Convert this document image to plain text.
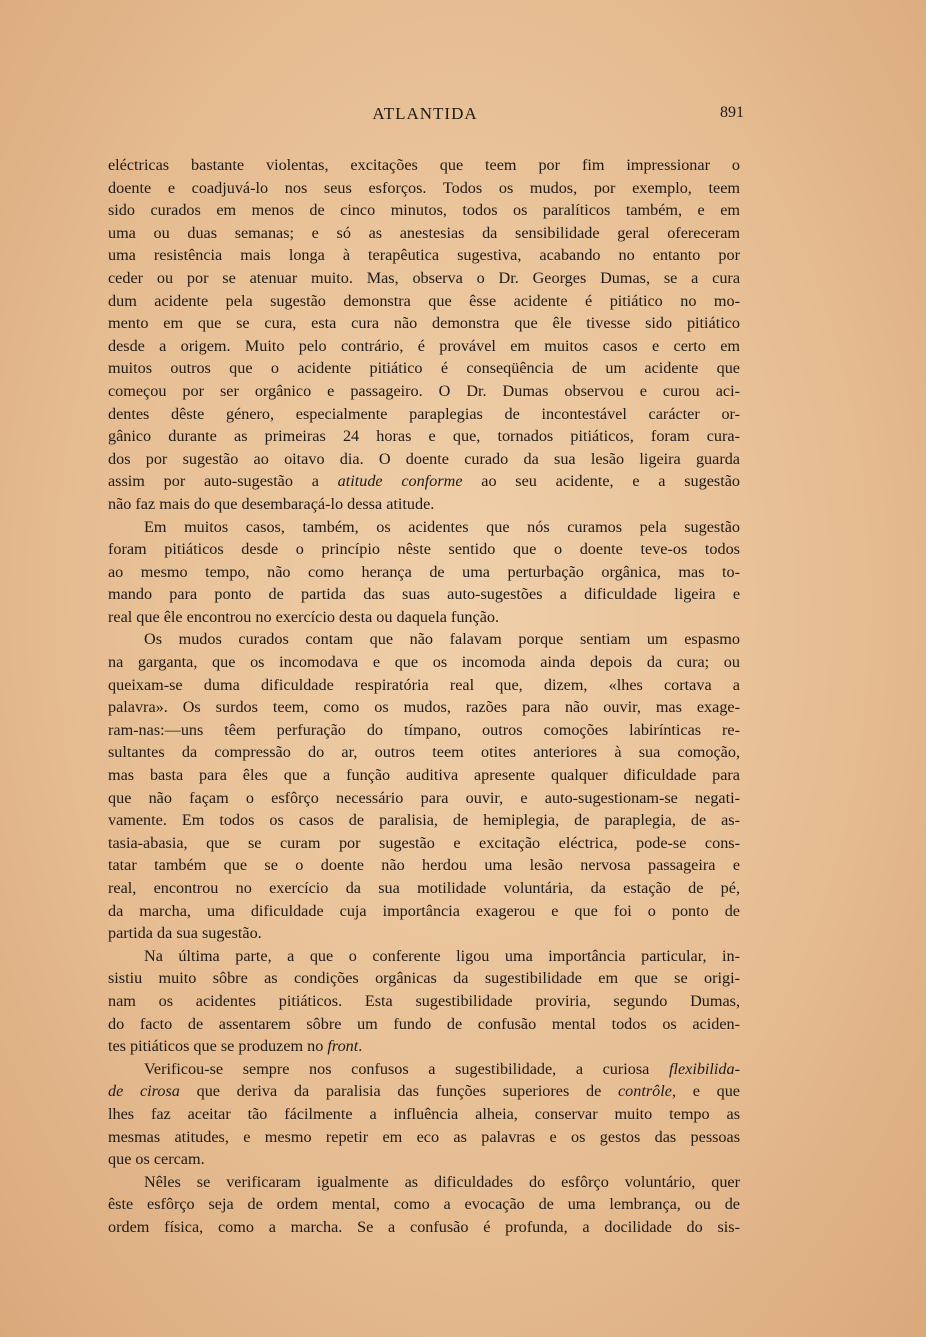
ATLANTIDA	891
eléctricas bastante violentas, excitações que teem por fim impressionar o
doente e coadjuvá-lo nos seus esforços. Todos os mudos, por exemplo, teem
sido curados em menos de cinco minutos, todos os paralíticos também, e em
uma ou duas semanas; e só as anestesias da sensibilidade geral ofereceram
uma resistência mais longa à terapêutica sugestiva, acabando no entanto por
ceder ou por se atenuar muito. Mas, observa o Dr. Georges Dumas, se a cura
dum acidente pela sugestão demonstra que êsse acidente é pitiático no mo-
mento em que se cura, esta cura não demonstra que êle tivesse sido pitiático
desde a origem. Muito pelo contrário, é provável em muitos casos e certo em
muitos outros que o acidente pitiático é conseqüência de um acidente que
começou por ser orgânico e passageiro. O Dr. Dumas observou e curou aci-
dentes dêste género, especialmente paraplegias de incontestável carácter or-
gânico durante as primeiras 24 horas e que, tornados pitiáticos, foram cura-
dos por sugestão ao oitavo dia. O doente curado da sua lesão ligeira guarda
assim por auto-sugestão a atitude conforme ao seu acidente, e a sugestão
não faz mais do que desembaraçá-lo dessa atitude.
Em muitos casos, também, os acidentes que nós curamos pela sugestão
foram pitiáticos desde o princípio nêste sentido que o doente teve-os todos
ao mesmo tempo, não como herança de uma perturbação orgânica, mas to-
mando para ponto de partida das suas auto-sugestões a dificuldade ligeira e
real que êle encontrou no exercício desta ou daquela função.
Os mudos curados contam que não falavam porque sentiam um espasmo
na garganta, que os incomodava e que os incomoda ainda depois da cura; ou
queixam-se duma dificuldade respiratória real que, dizem, «lhes cortava a
palavra». Os surdos teem, como os mudos, razões para não ouvir, mas exage-
ram-nas:—uns têem perfuração do tímpano, outros comoções labirínticas re-
sultantes da compressão do ar, outros teem otites anteriores à sua comoção,
mas basta para êles que a função auditiva apresente qualquer dificuldade para
que não façam o esfôrço necessário para ouvir, e auto-sugestionam-se negati-
vamente. Em todos os casos de paralisia, de hemiplegia, de paraplegia, de as-
tasia-abasia, que se curam por sugestão e excitação eléctrica, pode-se cons-
tatar também que se o doente não herdou uma lesão nervosa passageira e
real, encontrou no exercício da sua motilidade voluntária, da estação de pé,
da marcha, uma dificuldade cuja importância exagerou e que foi o ponto de
partida da sua sugestão.
Na última parte, a que o conferente ligou uma importância particular, in-
sistiu muito sôbre as condições orgânicas da sugestibilidade em que se origi-
nam os acidentes pitiáticos. Esta sugestibilidade proviria, segundo Dumas,
do facto de assentarem sôbre um fundo de confusão mental todos os aciden-
tes pitiáticos que se produzem no front.
Verificou-se sempre nos confusos a sugestibilidade, a curiosa flexibilida-
de cirosa que deriva da paralisia das funções superiores de contrôle, e que
lhes faz aceitar tão fácilmente a influência alheia, conservar muito tempo as
mesmas atitudes, e mesmo repetir em eco as palavras e os gestos das pessoas
que os cercam.
Nêles se verificaram igualmente as dificuldades do esfôrço voluntário, quer
êste esfôrço seja de ordem mental, como a evocação de uma lembrança, ou de
ordem física, como a marcha. Se a confusão é profunda, a docilidade do sis-
